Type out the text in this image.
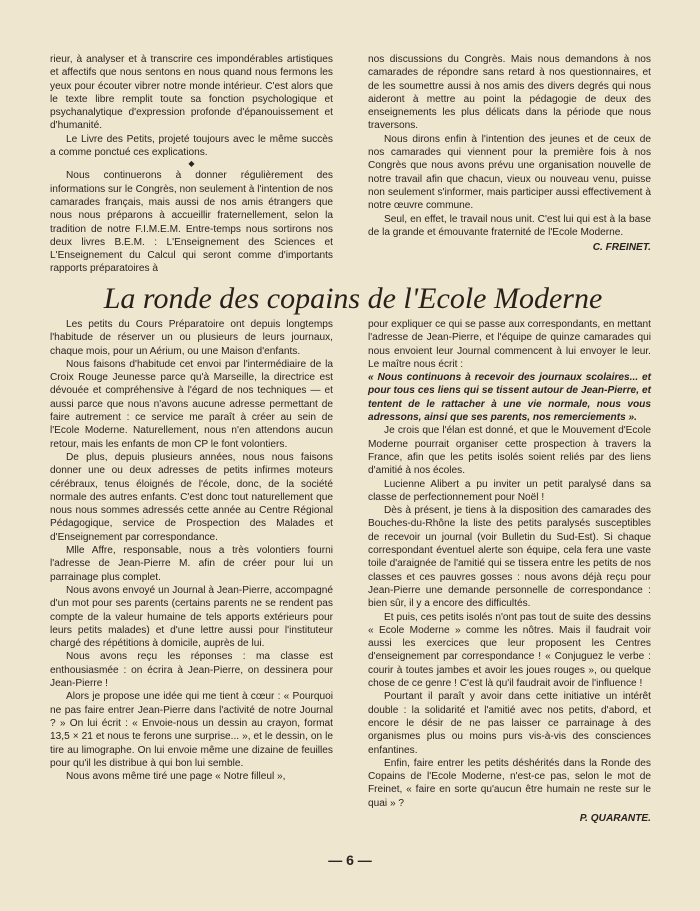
rieur, à analyser et à transcrire ces impondérables artistiques et affectifs que nous sentons en nous quand nous fermons les yeux pour écouter vibrer notre monde intérieur. C'est alors que le texte libre remplit toute sa fonction psychologique et psychanalytique d'expression profonde d'épanouissement et d'humanité.

Le Livre des Petits, projeté toujours avec le même succès a comme ponctué ces explications.

◆

Nous continuerons à donner régulièrement des informations sur le Congrès, non seulement à l'intention de nos camarades français, mais aussi de nos amis étrangers que nous nous préparons à accueillir fraternellement, selon la tradition de notre F.I.M.E.M. Entre-temps nous sortirons nos deux livres B.E.M. : L'Enseignement des Sciences et L'Enseignement du Calcul qui seront comme d'importants rapports préparatoires à

nos discussions du Congrès. Mais nous demandons à nos camarades de répondre sans retard à nos questionnaires, et de les soumettre aussi à nos amis des divers degrés qui nous aideront à mettre au point la pédagogie de deux des enseignements les plus délicats dans la période que nous traversons.

Nous dirons enfin à l'intention des jeunes et de ceux de nos camarades qui viennent pour la première fois à nos Congrès que nous avons prévu une organisation nouvelle de notre travail afin que chacun, vieux ou nouveau venu, puisse non seulement s'informer, mais participer aussi effectivement à notre œuvre commune.

Seul, en effet, le travail nous unit. C'est lui qui est à la base de la grande et émouvante fraternité de l'Ecole Moderne.

C. FREINET.

La ronde des copains de l'Ecole Moderne

Les petits du Cours Préparatoire ont depuis longtemps l'habitude de réserver un ou plusieurs de leurs journaux, chaque mois, pour un Aérium, ou une Maison d'enfants.

Nous faisons d'habitude cet envoi par l'intermédiaire de la Croix Rouge Jeunesse parce qu'à Marseille, la directrice est dévouée et compréhensive à l'égard de nos techniques — et aussi parce que nous n'avons aucune adresse permettant de faire autrement : ce service me paraît à créer au sein de l'Ecole Moderne. Naturellement, nous n'en attendons aucun retour, mais les enfants de mon CP le font volontiers.

De plus, depuis plusieurs années, nous nous faisons donner une ou deux adresses de petits infirmes moteurs cérébraux, tenus éloignés de l'école, donc, de la société normale des autres enfants. C'est donc tout naturellement que nous nous sommes adressés cette année au Centre Régional Pédagogique, service de Prospection des Malades et d'Enseignement par correspondance.

Mlle Affre, responsable, nous a très volontiers fourni l'adresse de Jean-Pierre M. afin de créer pour lui un parrainage plus complet.

Nous avons envoyé un Journal à Jean-Pierre, accompagné d'un mot pour ses parents (certains parents ne se rendent pas compte de la valeur humaine de tels apports extérieurs pour leurs petits malades) et d'une lettre aussi pour l'instituteur chargé des répétitions à domicile, auprès de lui.

Nous avons reçu les réponses : ma classe est enthousiasmée : on écrira à Jean-Pierre, on dessinera pour Jean-Pierre !

Alors je propose une idée qui me tient à cœur : « Pourquoi ne pas faire entrer Jean-Pierre dans l'activité de notre Journal ? » On lui écrit : « Envoie-nous un dessin au crayon, format 13,5 × 21 et nous te ferons une surprise... », et le dessin, on le tire au limographe. On lui envoie même une dizaine de feuilles pour qu'il les distribue à qui bon lui semble.

Nous avons même tiré une page « Notre filleul »,

pour expliquer ce qui se passe aux correspondants, en mettant l'adresse de Jean-Pierre, et l'équipe de quinze camarades qui nous envoient leur Journal commencent à lui envoyer le leur. Le maître nous écrit :

« Nous continuons à recevoir des journaux scolaires... et pour tous ces liens qui se tissent autour de Jean-Pierre, et tentent de le rattacher à une vie normale, nous vous adressons, ainsi que ses parents, nos remerciements ».

Je crois que l'élan est donné, et que le Mouvement d'Ecole Moderne pourrait organiser cette prospection à travers la France, afin que les petits isolés soient reliés par des liens d'amitié à nos écoles.

Lucienne Alibert a pu inviter un petit paralysé dans sa classe de perfectionnement pour Noël !

Dès à présent, je tiens à la disposition des camarades des Bouches-du-Rhône la liste des petits paralysés susceptibles de recevoir un journal (voir Bulletin du Sud-Est). Si chaque correspondant éventuel alerte son équipe, cela fera une vaste toile d'araignée de l'amitié qui se tissera entre les petits de nos classes et ces pauvres gosses : nous avons déjà reçu pour Jean-Pierre une demande personnelle de correspondance : bien sûr, il y a encore des difficultés.

Et puis, ces petits isolés n'ont pas tout de suite des dessins « Ecole Moderne » comme les nôtres. Mais il faudrait voir aussi les exercices que leur proposent les Centres d'enseignement par correspondance ! « Conjuguez le verbe : courir à toutes jambes et avoir les joues rouges », ou quelque chose de ce genre ! C'est là qu'il faudrait avoir de l'influence !

Pourtant il paraît y avoir dans cette initiative un intérêt double : la solidarité et l'amitié avec nos petits, d'abord, et encore le désir de ne pas laisser ce parrainage à des organismes plus ou moins purs vis-à-vis des consciences enfantines.

Enfin, faire entrer les petits déshérités dans la Ronde des Copains de l'Ecole Moderne, n'est-ce pas, selon le mot de Freinet, « faire en sorte qu'aucun être humain ne reste sur le quai » ?

P. QUARANTE.

— 6 —
